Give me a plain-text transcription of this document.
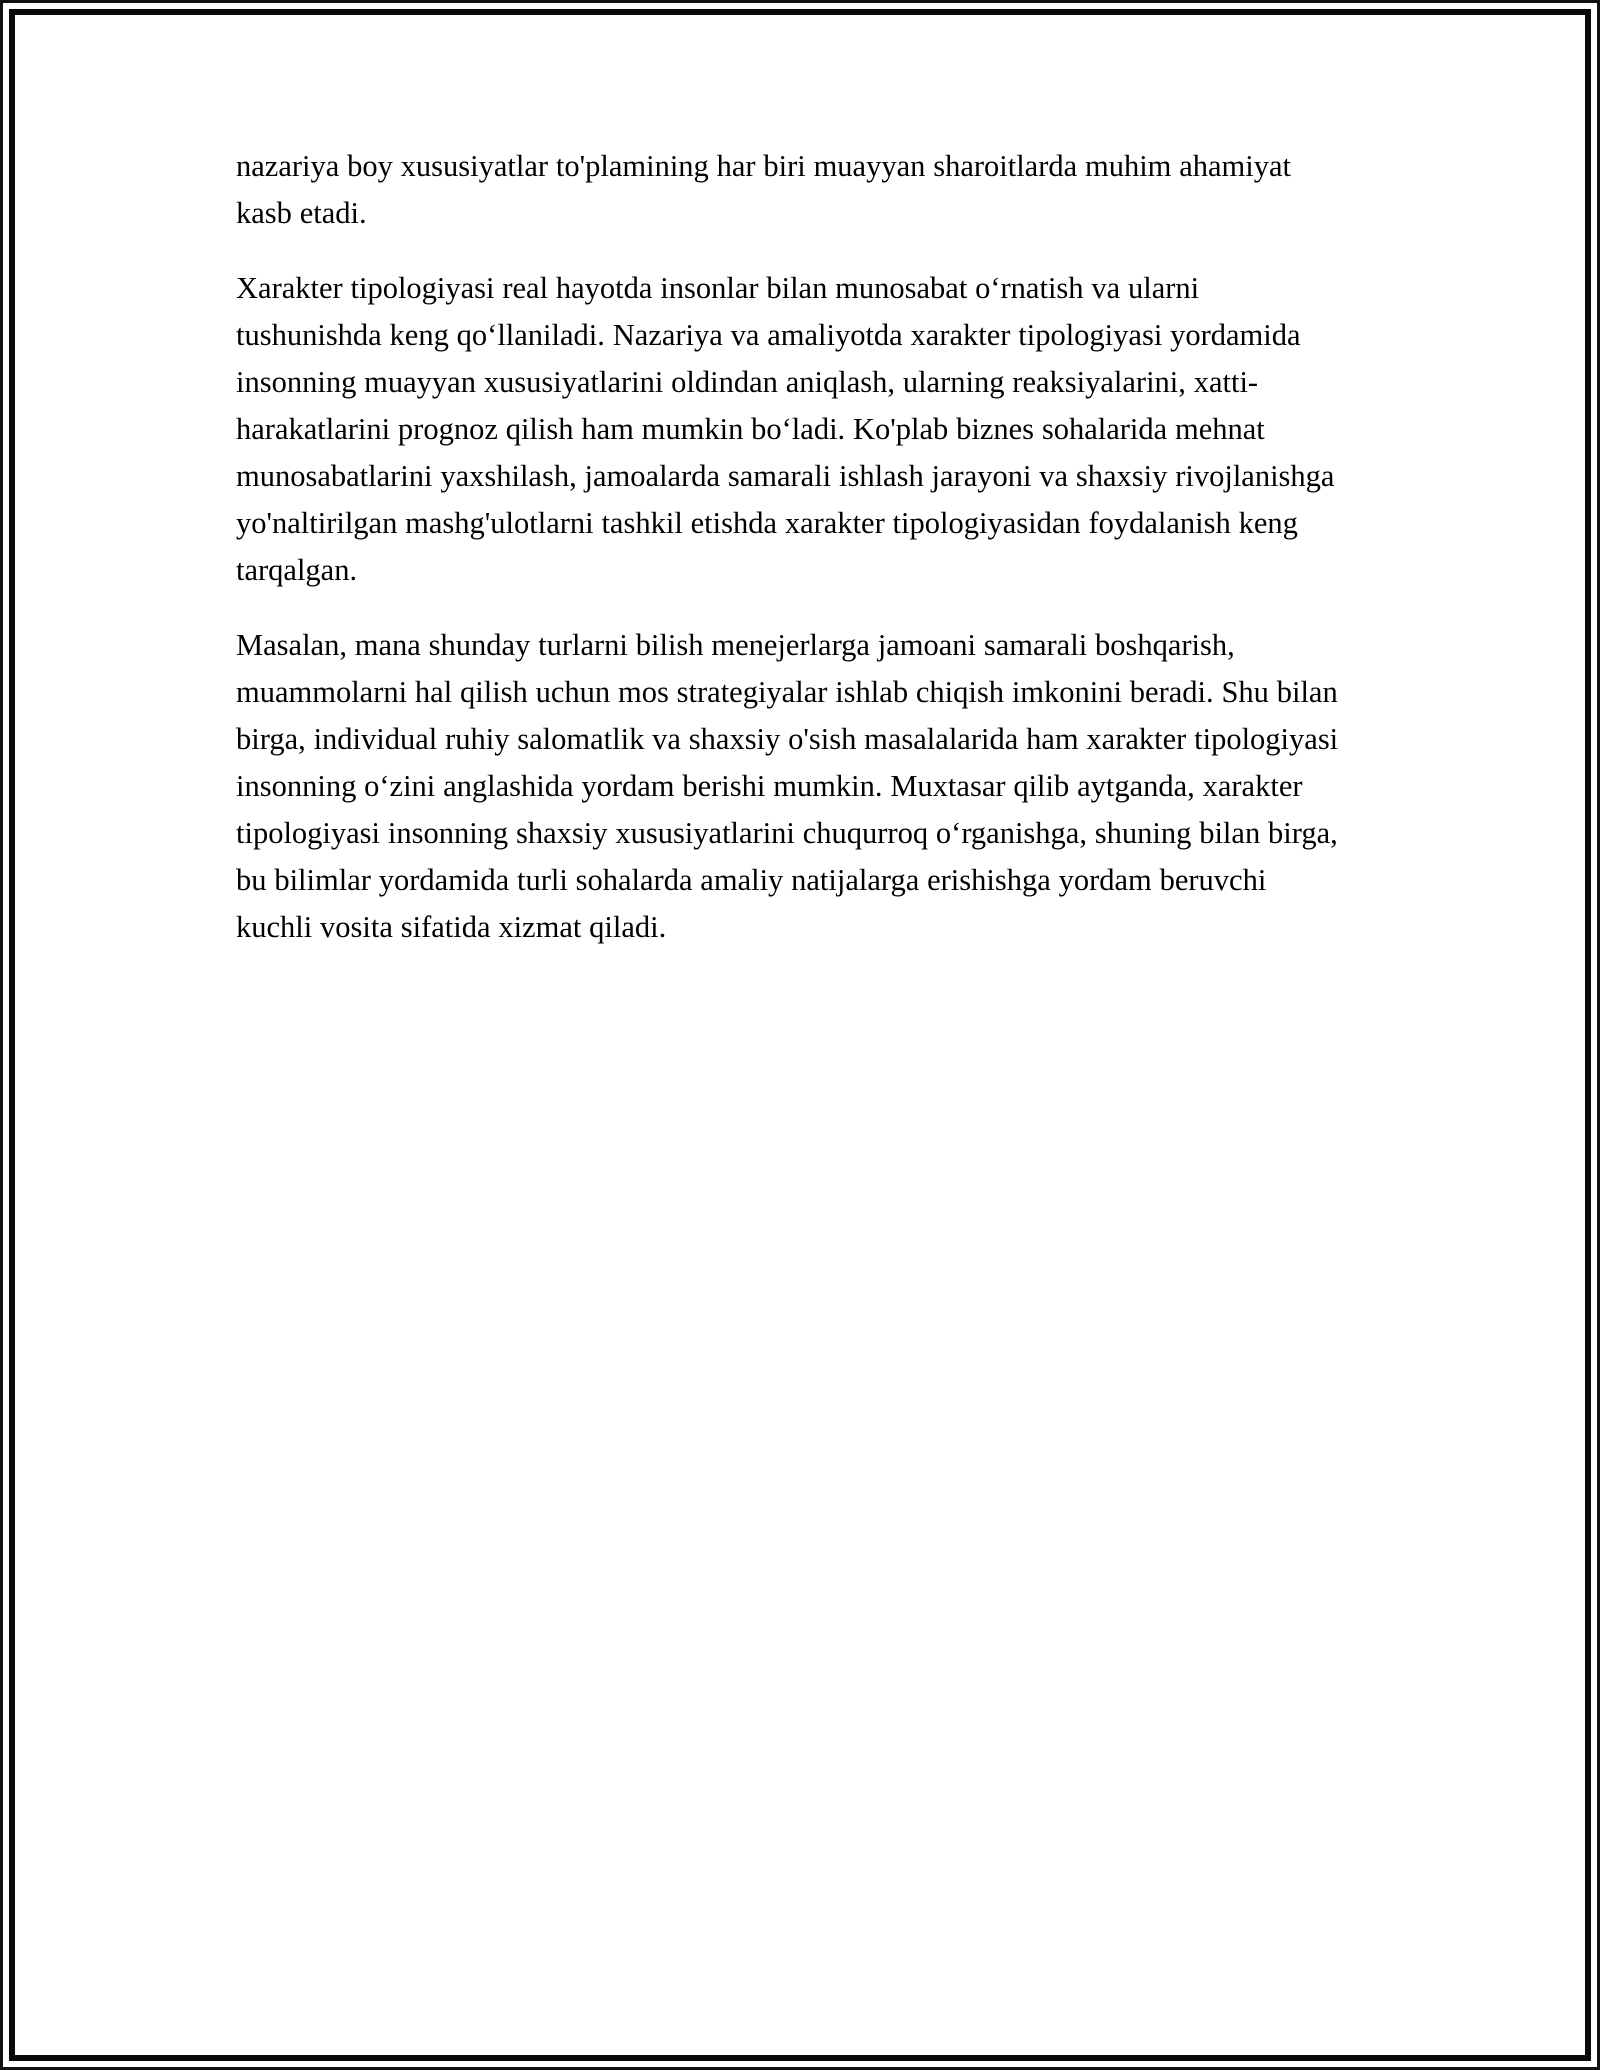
nazariya boy xususiyatlar to'plamining har biri muayyan sharoitlarda muhim ahamiyat kasb etadi.

Xarakter tipologiyasi real hayotda insonlar bilan munosabat o‘rnatish va ularni tushunishda keng qo‘llaniladi. Nazariya va amaliyotda xarakter tipologiyasi yordamida insonning muayyan xususiyatlarini oldindan aniqlash, ularning reaksiyalarini, xatti-harakatlarini prognoz qilish ham mumkin bo‘ladi. Ko'plab biznes sohalarida mehnat munosabatlarini yaxshilash, jamoalarda samarali ishlash jarayoni va shaxsiy rivojlanishga yo'naltirilgan mashg'ulotlarni tashkil etishda xarakter tipologiyasidan foydalanish keng tarqalgan.

Masalan, mana shunday turlarni bilish menejerlarga jamoani samarali boshqarish, muammolarni hal qilish uchun mos strategiyalar ishlab chiqish imkonini beradi. Shu bilan birga, individual ruhiy salomatlik va shaxsiy o'sish masalalarida ham xarakter tipologiyasi insonning o‘zini anglashida yordam berishi mumkin. Muxtasar qilib aytganda, xarakter tipologiyasi insonning shaxsiy xususiyatlarini chuqurroq o‘rganishga, shuning bilan birga, bu bilimlar yordamida turli sohalarda amaliy natijalarga erishishga yordam beruvchi kuchli vosita sifatida xizmat qiladi.
